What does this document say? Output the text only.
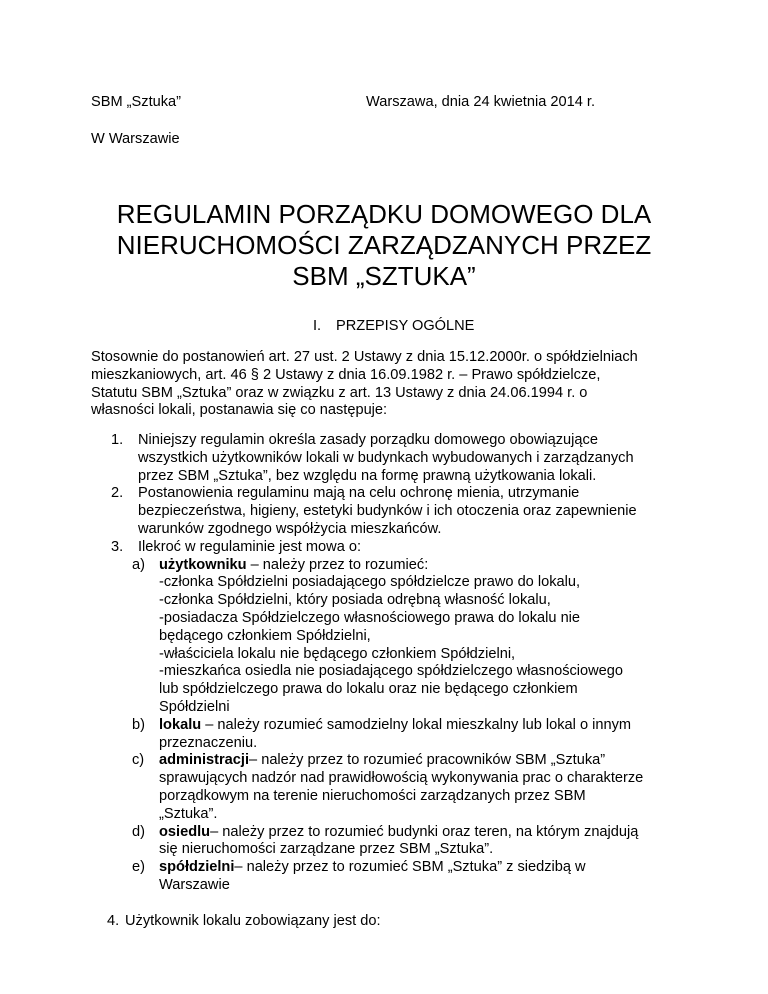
SBM „Sztuka”	Warszawa, dnia 24 kwietnia 2014 r.
W Warszawie
REGULAMIN PORZĄDKU DOMOWEGO DLA
NIERUCHOMOŚCI ZARZĄDZANYCH PRZEZ
SBM „SZTUKA”
I. PRZEPISY OGÓLNE
Stosownie do postanowień art. 27 ust. 2 Ustawy z dnia 15.12.2000r. o spółdzielniach
mieszkaniowych, art. 46 § 2 Ustawy z dnia 16.09.1982 r. – Prawo spółdzielcze,
Statutu SBM „Sztuka” oraz w związku z art. 13 Ustawy z dnia 24.06.1994 r. o
własności lokali, postanawia się co następuje:
1. Niniejszy regulamin określa zasady porządku domowego obowiązujące
wszystkich użytkowników lokali w budynkach wybudowanych i zarządzanych
przez SBM „Sztuka”, bez względu na formę prawną użytkowania lokali.
2. Postanowienia regulaminu mają na celu ochronę mienia, utrzymanie
bezpieczeństwa, higieny, estetyki budynków i ich otoczenia oraz zapewnienie
warunków zgodnego współżycia mieszkańców.
3. Ilekroć w regulaminie jest mowa o:
a) użytkowniku – należy przez to rozumieć:
-członka Spółdzielni posiadającego spółdzielcze prawo do lokalu,
-członka Spółdzielni, który posiada odrębną własność lokalu,
-posiadacza Spółdzielczego własnościowego prawa do lokalu nie
będącego członkiem Spółdzielni,
-właściciela lokalu nie będącego członkiem Spółdzielni,
-mieszkańca osiedla nie posiadającego spółdzielczego własnościowego
lub spółdzielczego prawa do lokalu oraz nie będącego członkiem
Spółdzielni
b) lokalu – należy rozumieć samodzielny lokal mieszkalny lub lokal o innym
przeznaczeniu.
c) administracji– należy przez to rozumieć pracowników SBM „Sztuka”
sprawujących nadzór nad prawidłowością wykonywania prac o charakterze
porządkowym na terenie nieruchomości zarządzanych przez SBM
„Sztuka”.
d) osiedlu– należy przez to rozumieć budynki oraz teren, na którym znajdują
się nieruchomości zarządzane przez SBM „Sztuka”.
e) spółdzielni– należy przez to rozumieć SBM „Sztuka” z siedzibą w
Warszawie
4. Użytkownik lokalu zobowiązany jest do:
